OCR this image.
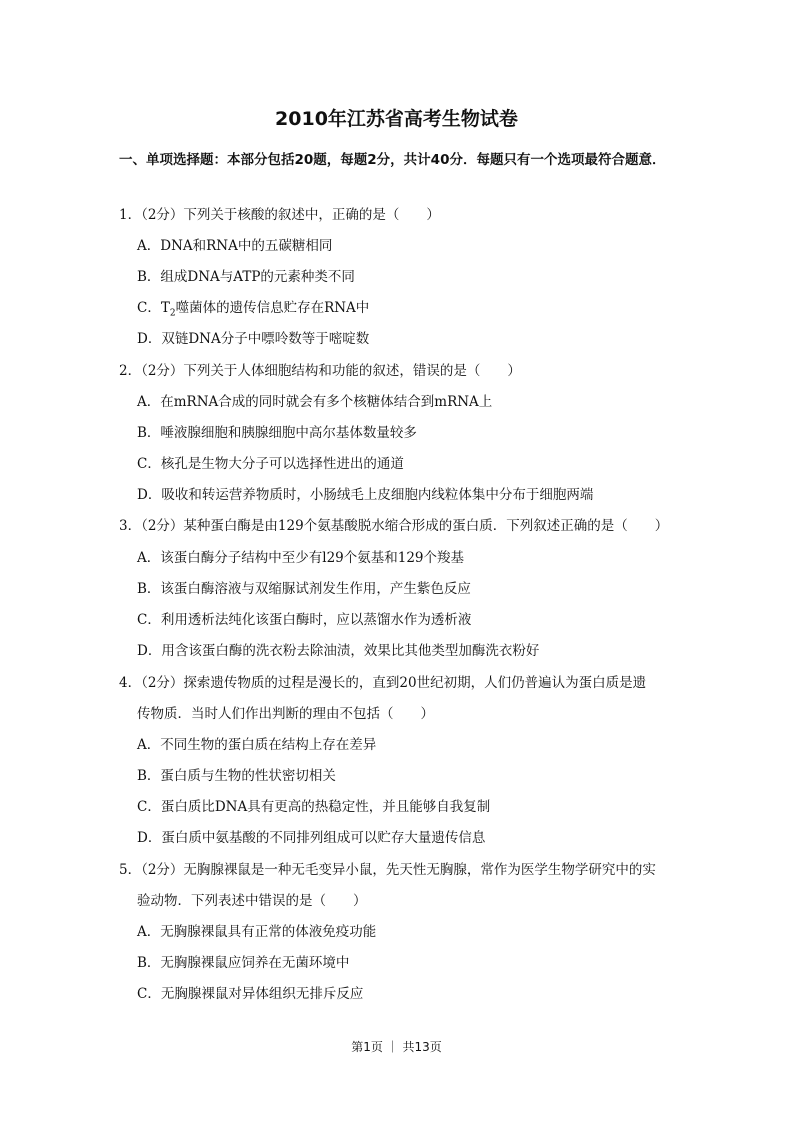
2010年江苏省高考生物试卷
一、单项选择题：本部分包括20题，每题2分，共计40分．每题只有一个选项最符合题意．
1．（2分）下列关于核酸的叙述中，正确的是（　　）
A．DNA和RNA中的五碳糖相同
B．组成DNA与ATP的元素种类不同
C．$T_2$噬菌体的遗传信息贮存在RNA中
D．双链DNA分子中嘌呤数等于嘧啶数
2．（2分）下列关于人体细胞结构和功能的叙述，错误的是（　　）
A．在mRNA合成的同时就会有多个核糖体结合到mRNA上
B．唾液腺细胞和胰腺细胞中高尔基体数量较多
C．核孔是生物大分子可以选择性进出的通道
D．吸收和转运营养物质时，小肠绒毛上皮细胞内线粒体集中分布于细胞两端
3．（2分）某种蛋白酶是由129个氨基酸脱水缩合形成的蛋白质．下列叙述正确的是（　　）
A．该蛋白酶分子结构中至少有l29个氨基和129个羧基
B．该蛋白酶溶液与双缩脲试剂发生作用，产生紫色反应
C．利用透析法纯化该蛋白酶时，应以蒸馏水作为透析液
D．用含该蛋白酶的洗衣粉去除油渍，效果比其他类型加酶洗衣粉好
4．（2分）探索遗传物质的过程是漫长的，直到20世纪初期，人们仍普遍认为蛋白质是遗
传物质．当时人们作出判断的理由不包括（　　）
A．不同生物的蛋白质在结构上存在差异
B．蛋白质与生物的性状密切相关
C．蛋白质比DNA具有更高的热稳定性，并且能够自我复制
D．蛋白质中氨基酸的不同排列组成可以贮存大量遗传信息
5．（2分）无胸腺裸鼠是一种无毛变异小鼠，先天性无胸腺，常作为医学生物学研究中的实
验动物．下列表述中错误的是（　　）
A．无胸腺裸鼠具有正常的体液免疫功能
B．无胸腺裸鼠应饲养在无菌环境中
C．无胸腺裸鼠对异体组织无排斥反应
第1页 ｜ 共13页
